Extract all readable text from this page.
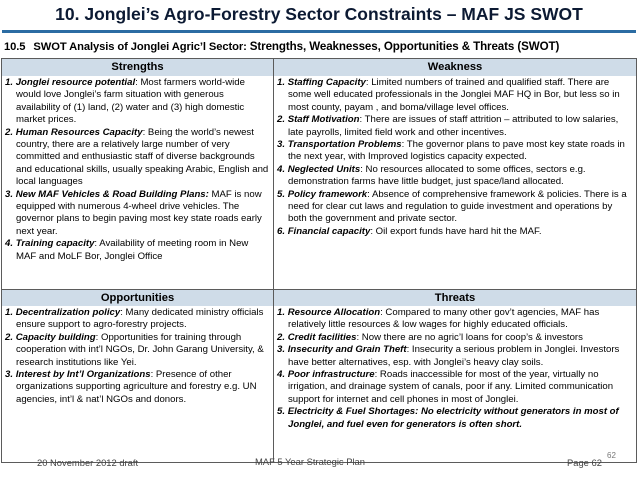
10. Jonglei’s Agro-Forestry Sector Constraints – MAF JS SWOT
10.5 SWOT Analysis of Jonglei Agric’l Sector: Strengths, Weaknesses, Opportunities & Threats (SWOT)
Strengths	Weakness
1. Jonglei resource potential: Most farmers world-wide would love Jonglei’s farm situation with generous availability of (1) land, (2) water and (3) high domestic market prices.
2. Human Resources Capacity: Being the world’s newest country, there are a relatively large number of very committed and enthusiastic staff of diverse backgrounds and educational skills, usually speaking Arabic, English and local languages
3. New MAF Vehicles & Road Building Plans: MAF is now equipped with numerous 4-wheel drive vehicles. The governor plans to begin paving most key state roads early next year.
4. Training capacity: Availability of meeting room in New MAF and MoLF Bor, Jonglei Office
1. Staffing Capacity: Limited numbers of trained and qualified staff. There are some well educated professionals in the Jonglei MAF HQ in Bor, but less so in most county, payam , and boma/village level offices.
2. Staff Motivation: There are issues of staff attrition – attributed to low salaries, late payrolls, limited field work and other incentives.
3. Transportation Problems: The governor plans to pave most key state roads in the next year, with Improved logistics capacity expected.
4. Neglected Units: No resources allocated to some offices, sectors e.g. demonstration farms have little budget, just space/land allocated.
5. Policy framework: Absence of comprehensive framework & policies. There is a need for clear cut laws and regulation to guide investment and operations by both the government and private sector.
6. Financial capacity: Oil export funds have hard hit the MAF.
Opportunities	Threats
1. Decentralization policy: Many dedicated ministry officials ensure support to agro-forestry projects.
2. Capacity building: Opportunities for training through cooperation with int’l NGOs, Dr. John Garang University, & research institutions like Yei.
3. Interest by Int’l Organizations: Presence of other organizations supporting agriculture and forestry e.g. UN agencies, int’l & nat’l NGOs and donors.
1. Resource Allocation: Compared to many other gov’t agencies, MAF has relatively little resources & low wages for highly educated officials.
2. Credit facilities: Now there are no agric’l loans for coop’s & investors
3. Insecurity and Grain Theft: Insecurity a serious problem in Jonglei. Investors have better alternatives, esp. with Jonglei’s heavy clay soils.
4. Poor infrastructure: Roads inaccessible for most of the year, virtually no irrigation, and drainage system of canals, poor if any. Limited communication support for internet and cell phones in most of Jonglei.
5. Electricity & Fuel Shortages: No electricity without generators in most of Jonglei, and fuel even for generators is often short.
20 November 2012 draft	MAF 5 Year Strategic Plan
62
Page 62
